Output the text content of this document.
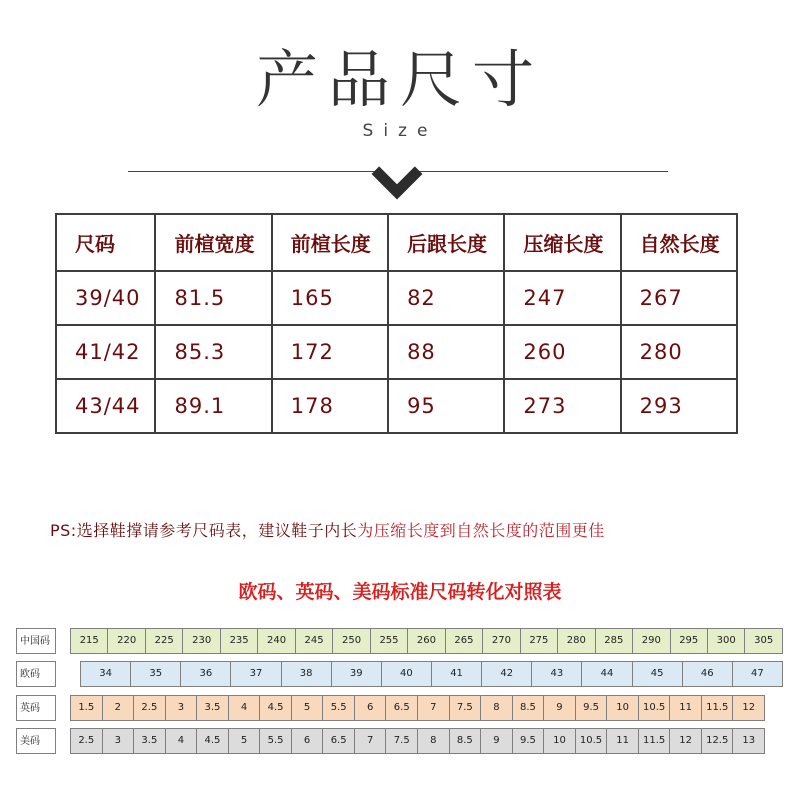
产品尺寸
Size
尺码	前楦宽度	前楦长度	后跟长度	压缩长度	自然长度
39/40	81.5	165	82	247	267
41/42	85.3	172	88	260	280
43/44	89.1	178	95	273	293
PS:选择鞋撑请参考尺码表，建议鞋子内长为压缩长度到自然长度的范围更佳
欧码、英码、美码标准尺码转化对照表
中国码	215	220	225	230	235	240	245	250	255	260	265	270	275	280	285	290	295	300	305
欧码	34	35	36	37	38	39	40	41	42	43	44	45	46	47
英码	1.5	2	2.5	3	3.5	4	4.5	5	5.5	6	6.5	7	7.5	8	8.5	9	9.5	10	10.5	11	11.5	12
美码	2.5	3	3.5	4	4.5	5	5.5	6	6.5	7	7.5	8	8.5	9	9.5	10	10.5	11	11.5	12	12.5	13
